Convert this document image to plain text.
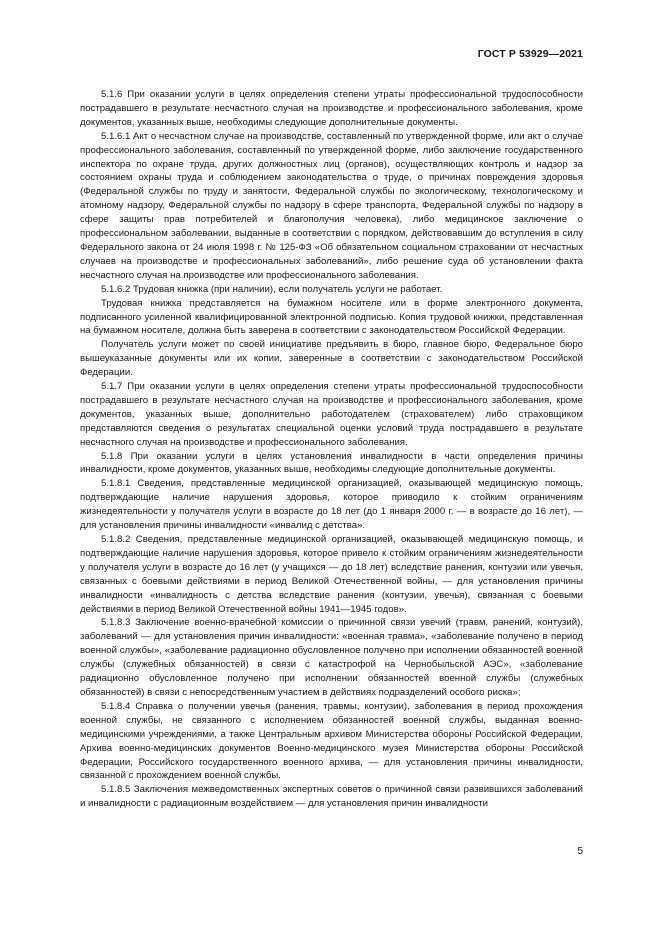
ГОСТ Р 53929—2021

5.1.6 При оказании услуги в целях определения степени утраты профессиональной трудоспособности пострадавшего в результате несчастного случая на производстве и профессионального заболевания, кроме документов, указанных выше, необходимы следующие дополнительные документы.

5.1.6.1 Акт о несчастном случае на производстве, составленный по утвержденной форме, или акт о случае профессионального заболевания, составленный по утвержденной форме, либо заключение государственного инспектора по охране труда, других должностных лиц (органов), осуществляющих контроль и надзор за состоянием охраны труда и соблюдением законодательства о труде, о причинах повреждения здоровья (Федеральной службы по труду и занятости, Федеральной службы по экологическому, технологическому и атомному надзору, Федеральной службы по надзору в сфере транспорта, Федеральной службы по надзору в сфере защиты прав потребителей и благополучия человека), либо медицинское заключение о профессиональном заболевании, выданные в соответствии с порядком, действовавшим до вступления в силу Федерального закона от 24 июля 1998 г. № 125-ФЗ «Об обязательном социальном страховании от несчастных случаев на производстве и профессиональных заболеваний», либо решение суда об установлении факта несчастного случая на производстве или профессионального заболевания.

5.1.6.2 Трудовая книжка (при наличии), если получатель услуги не работает.

Трудовая книжка представляется на бумажном носителе или в форме электронного документа, подписанного усиленной квалифицированной электронной подписью. Копия трудовой книжки, представленная на бумажном носителе, должна быть заверена в соответствии с законодательством Российской Федерации.

Получатель услуги может по своей инициативе предъявить в бюро, главное бюро, Федеральное бюро вышеуказанные документы или их копии, заверенные в соответствии с законодательством Российской Федерации.

5.1.7 При оказании услуги в целях определения степени утраты профессиональной трудоспособности пострадавшего в результате несчастного случая на производстве и профессионального заболевания, кроме документов, указанных выше, дополнительно работодателем (страхователем) либо страховщиком представляются сведения о результатах специальной оценки условий труда пострадавшего в результате несчастного случая на производстве и профессионального заболевания.

5.1.8 При оказании услуги в целях установления инвалидности в части определения причины инвалидности, кроме документов, указанных выше, необходимы следующие дополнительные документы.

5.1.8.1 Сведения, представленные медицинской организацией, оказывающей медицинскую помощь, подтверждающие наличие нарушения здоровья, которое приводило к стойким ограничениям жизнедеятельности у получателя услуги в возрасте до 18 лет (до 1 января 2000 г. — в возрасте до 16 лет), — для установления причины инвалидности «инвалид с детства».

5.1.8.2 Сведения, представленные медицинской организацией, оказывающей медицинскую помощь, и подтверждающие наличие нарушения здоровья, которое привело к стойким ограничениям жизнедеятельности у получателя услуги в возрасте до 16 лет (у учащихся — до 18 лет) вследствие ранения, контузии или увечья, связанных с боевыми действиями в период Великой Отечественной войны, — для установления причины инвалидности «инвалидность с детства вследствие ранения (контузии, увечья), связанная с боевыми действиями в период Великой Отечественной войны 1941—1945 годов».

5.1.8.3 Заключение военно-врачебной комиссии о причинной связи увечий (травм, ранений, контузий), заболеваний — для установления причин инвалидности: «военная травма», «заболевание получено в период военной службы», «заболевание радиационно обусловленное получено при исполнении обязанностей военной службы (служебных обязанностей) в связи с катастрофой на Чернобыльской АЭС», «заболевание радиационно обусловленное получено при исполнении обязанностей военной службы (служебных обязанностей) в связи с непосредственным участием в действиях подразделений особого риска»;

5.1.8.4 Справка о получении увечья (ранения, травмы, контузии), заболевания в период прохождения военной службы, не связанного с исполнением обязанностей военной службы, выданная военно-медицинскими учреждениями, а также Центральным архивом Министерства обороны Российской Федерации, Архива военно-медицинских документов Военно-медицинского музея Министерства обороны Российской Федерации, Российского государственного военного архива, — для установления причины инвалидности, связанной с прохождением военной службы.

5.1.8.5 Заключения межведомственных экспертных советов о причинной связи развившихся заболеваний и инвалидности с радиационным воздействием — для установления причин инвалидности

5
